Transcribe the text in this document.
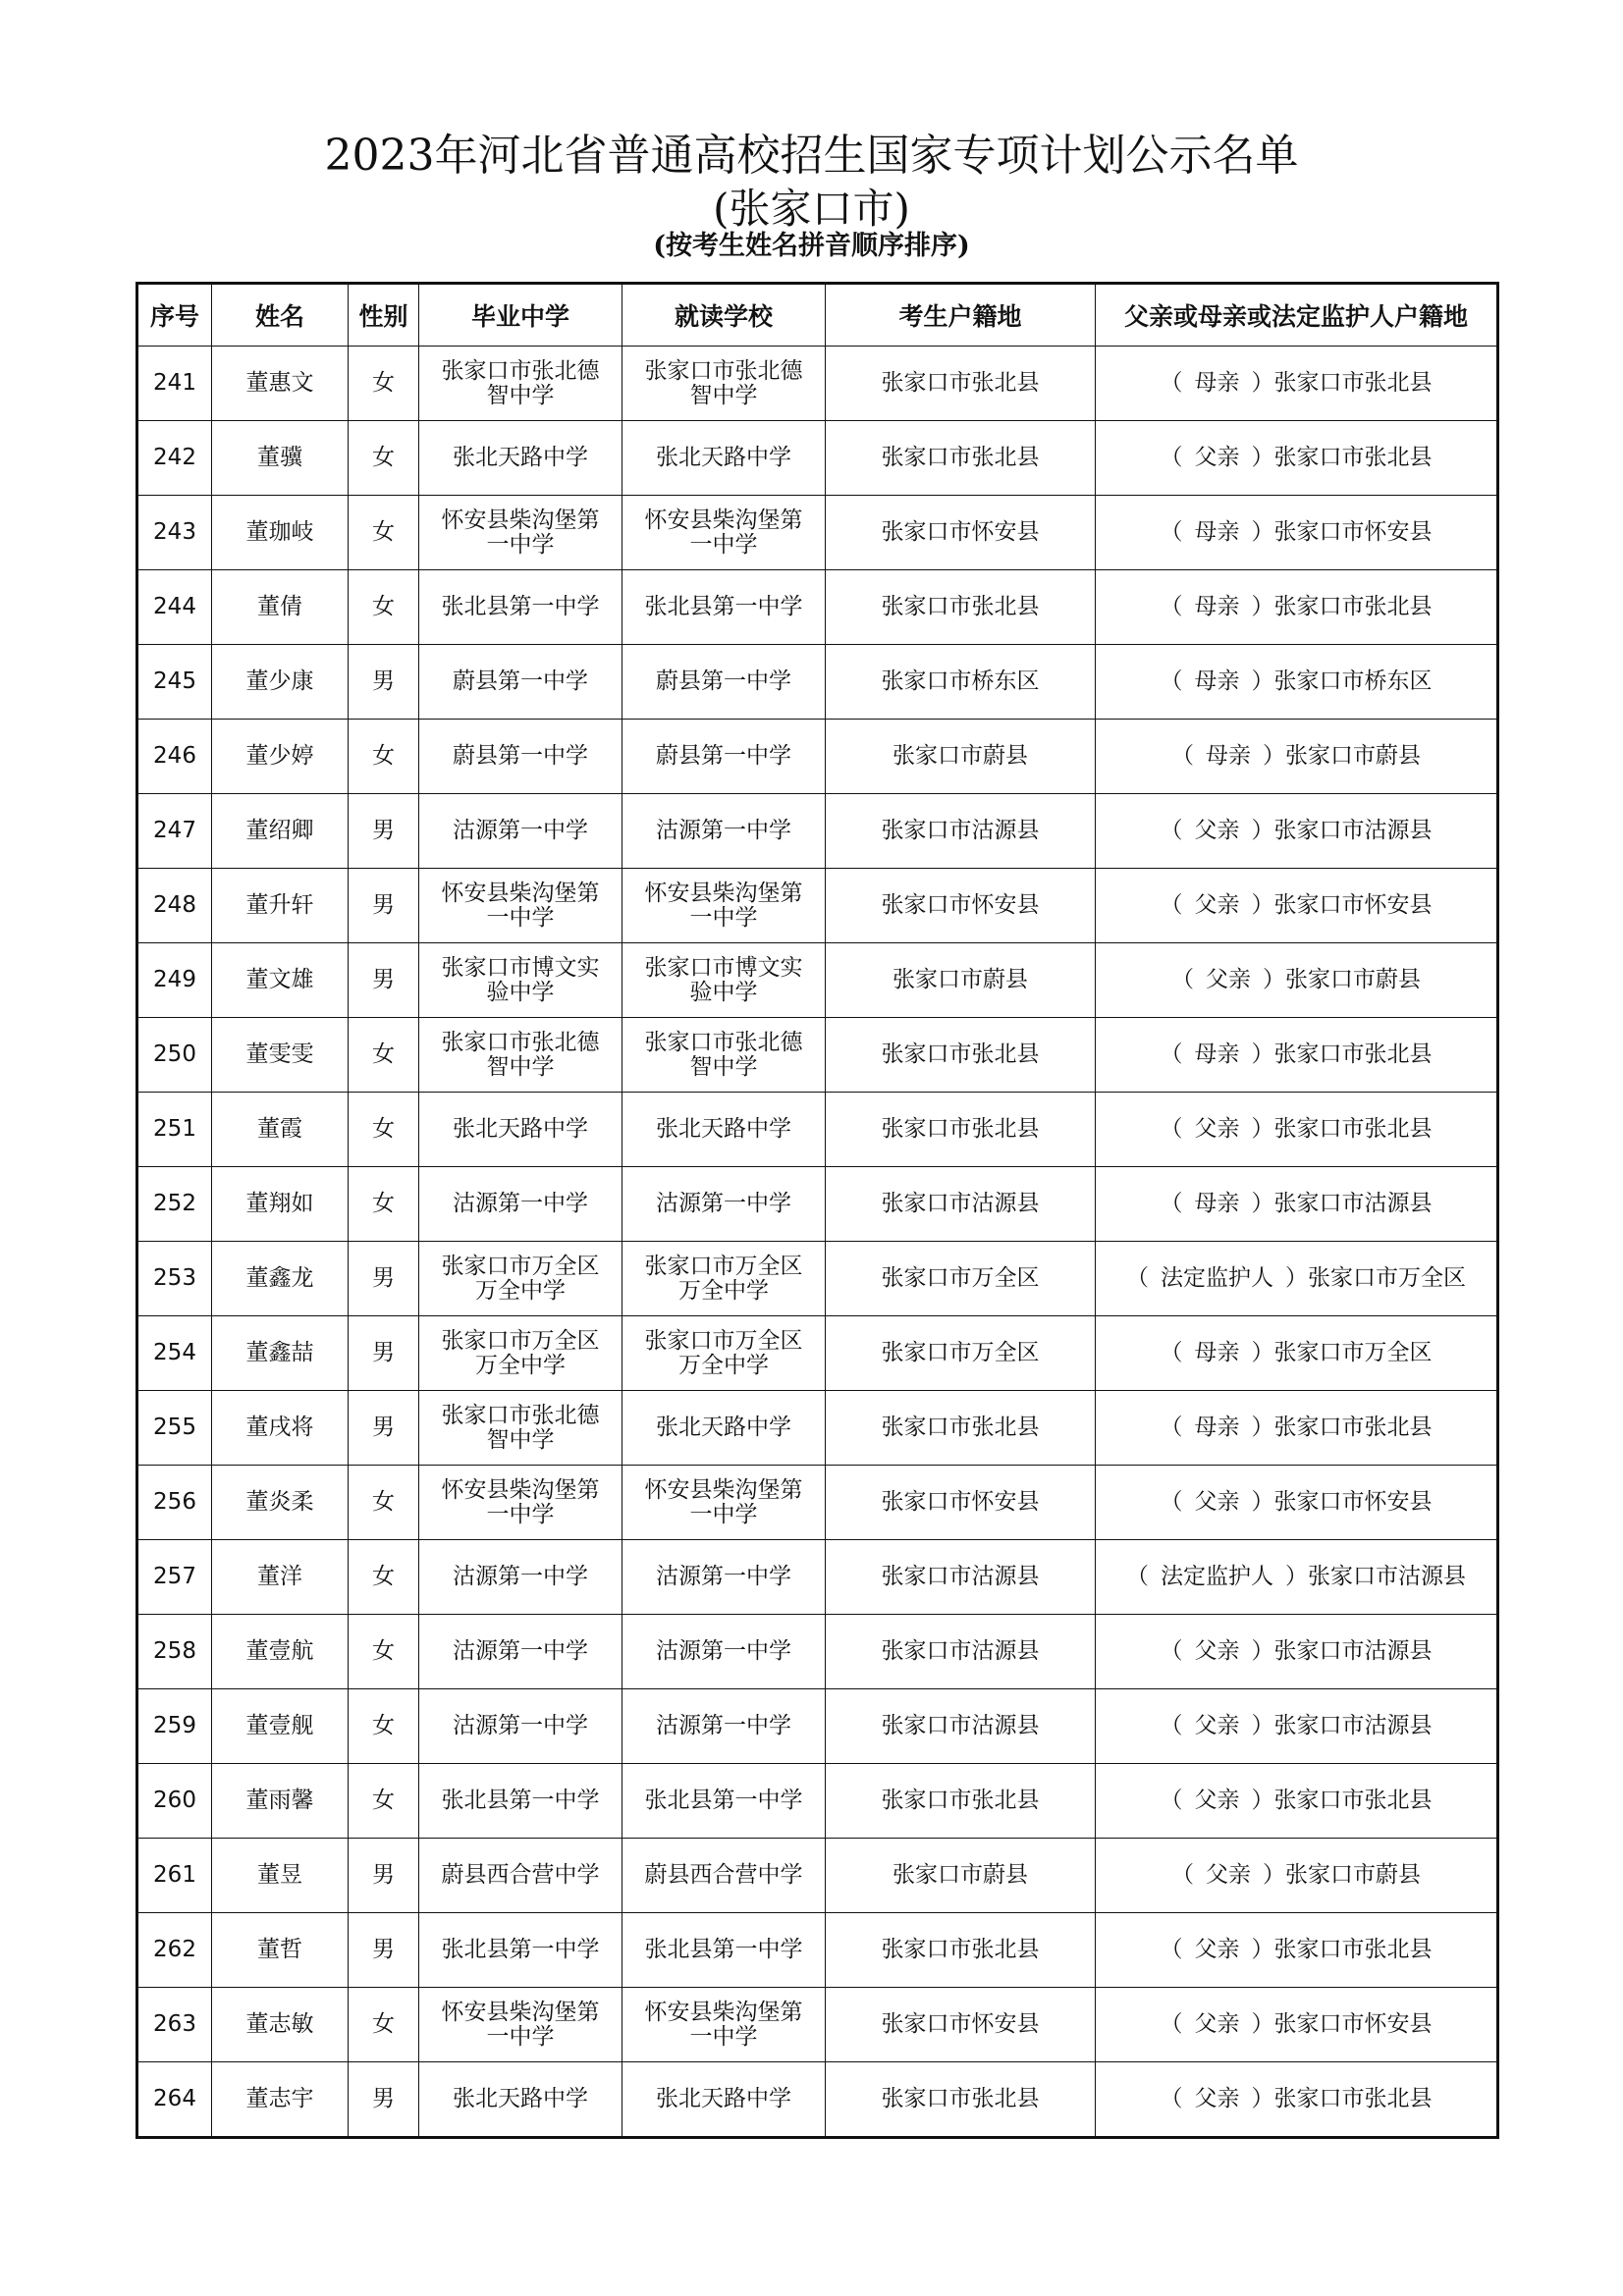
2023年河北省普通高校招生国家专项计划公示名单
(张家口市)
(按考生姓名拼音顺序排序)
序号	姓名	性别	毕业中学	就读学校	考生户籍地	父亲或母亲或法定监护人户籍地
241	董惠文	女	张家口市张北德智中学	张家口市张北德智中学	张家口市张北县	（ 母亲 ）张家口市张北县
242	董骥	女	张北天路中学	张北天路中学	张家口市张北县	（ 父亲 ）张家口市张北县
243	董珈岐	女	怀安县柴沟堡第一中学	怀安县柴沟堡第一中学	张家口市怀安县	（ 母亲 ）张家口市怀安县
244	董倩	女	张北县第一中学	张北县第一中学	张家口市张北县	（ 母亲 ）张家口市张北县
245	董少康	男	蔚县第一中学	蔚县第一中学	张家口市桥东区	（ 母亲 ）张家口市桥东区
246	董少婷	女	蔚县第一中学	蔚县第一中学	张家口市蔚县	（ 母亲 ）张家口市蔚县
247	董绍卿	男	沽源第一中学	沽源第一中学	张家口市沽源县	（ 父亲 ）张家口市沽源县
248	董升轩	男	怀安县柴沟堡第一中学	怀安县柴沟堡第一中学	张家口市怀安县	（ 父亲 ）张家口市怀安县
249	董文雄	男	张家口市博文实验中学	张家口市博文实验中学	张家口市蔚县	（ 父亲 ）张家口市蔚县
250	董雯雯	女	张家口市张北德智中学	张家口市张北德智中学	张家口市张北县	（ 母亲 ）张家口市张北县
251	董霞	女	张北天路中学	张北天路中学	张家口市张北县	（ 父亲 ）张家口市张北县
252	董翔如	女	沽源第一中学	沽源第一中学	张家口市沽源县	（ 母亲 ）张家口市沽源县
253	董鑫龙	男	张家口市万全区万全中学	张家口市万全区万全中学	张家口市万全区	（ 法定监护人 ）张家口市万全区
254	董鑫喆	男	张家口市万全区万全中学	张家口市万全区万全中学	张家口市万全区	（ 母亲 ）张家口市万全区
255	董戌将	男	张家口市张北德智中学	张北天路中学	张家口市张北县	（ 母亲 ）张家口市张北县
256	董炎柔	女	怀安县柴沟堡第一中学	怀安县柴沟堡第一中学	张家口市怀安县	（ 父亲 ）张家口市怀安县
257	董洋	女	沽源第一中学	沽源第一中学	张家口市沽源县	（ 法定监护人 ）张家口市沽源县
258	董壹航	女	沽源第一中学	沽源第一中学	张家口市沽源县	（ 父亲 ）张家口市沽源县
259	董壹舰	女	沽源第一中学	沽源第一中学	张家口市沽源县	（ 父亲 ）张家口市沽源县
260	董雨馨	女	张北县第一中学	张北县第一中学	张家口市张北县	（ 父亲 ）张家口市张北县
261	董昱	男	蔚县西合营中学	蔚县西合营中学	张家口市蔚县	（ 父亲 ）张家口市蔚县
262	董哲	男	张北县第一中学	张北县第一中学	张家口市张北县	（ 父亲 ）张家口市张北县
263	董志敏	女	怀安县柴沟堡第一中学	怀安县柴沟堡第一中学	张家口市怀安县	（ 父亲 ）张家口市怀安县
264	董志宇	男	张北天路中学	张北天路中学	张家口市张北县	（ 父亲 ）张家口市张北县
